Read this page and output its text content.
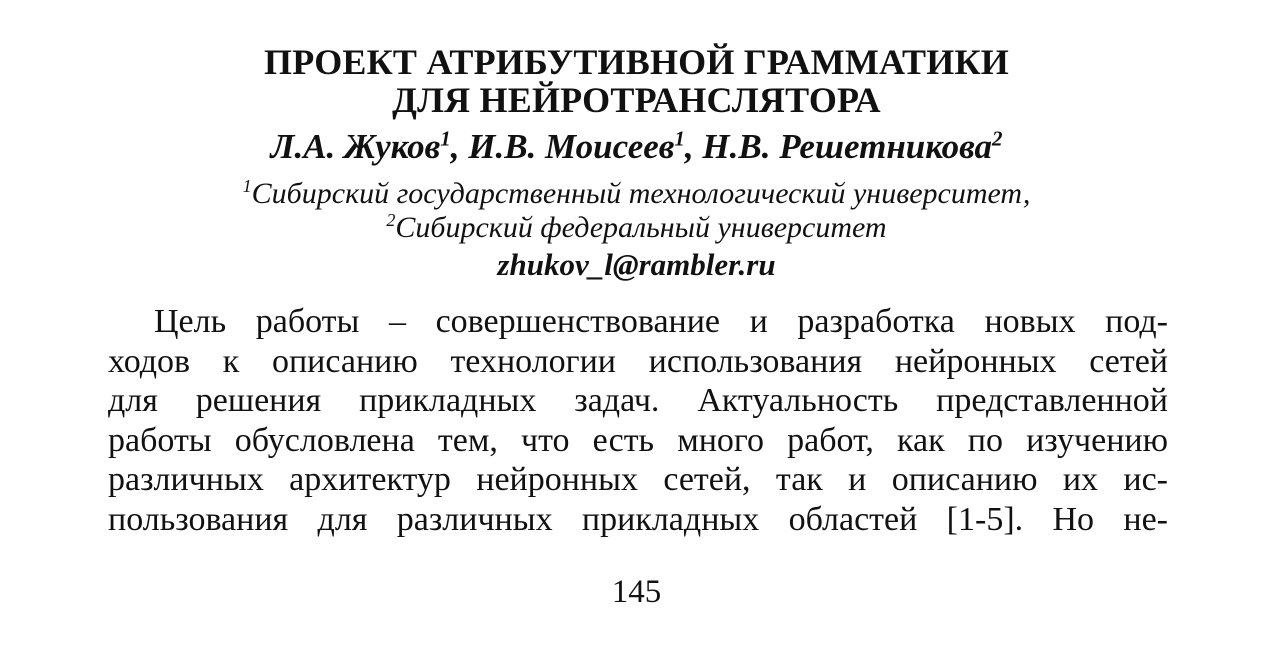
ПРОЕКТ АТРИБУТИВНОЙ ГРАММАТИКИ
ДЛЯ НЕЙРОТРАНСЛЯТОРА
Л.А. Жуков$^1$, И.В. Моисеев$^1$, Н.В. Решетникова$^2$
$^1$Сибирский государственный технологический университет,
$^2$Сибирский федеральный университет
zhukov_l@rambler.ru
Цель работы – совершенствование и разработка новых под-
ходов к описанию технологии использования нейронных сетей
для решения прикладных задач. Актуальность представленной
работы обусловлена тем, что есть много работ, как по изучению
различных архитектур нейронных сетей, так и описанию их ис-
пользования для различных прикладных областей [1-5]. Но не-
145
